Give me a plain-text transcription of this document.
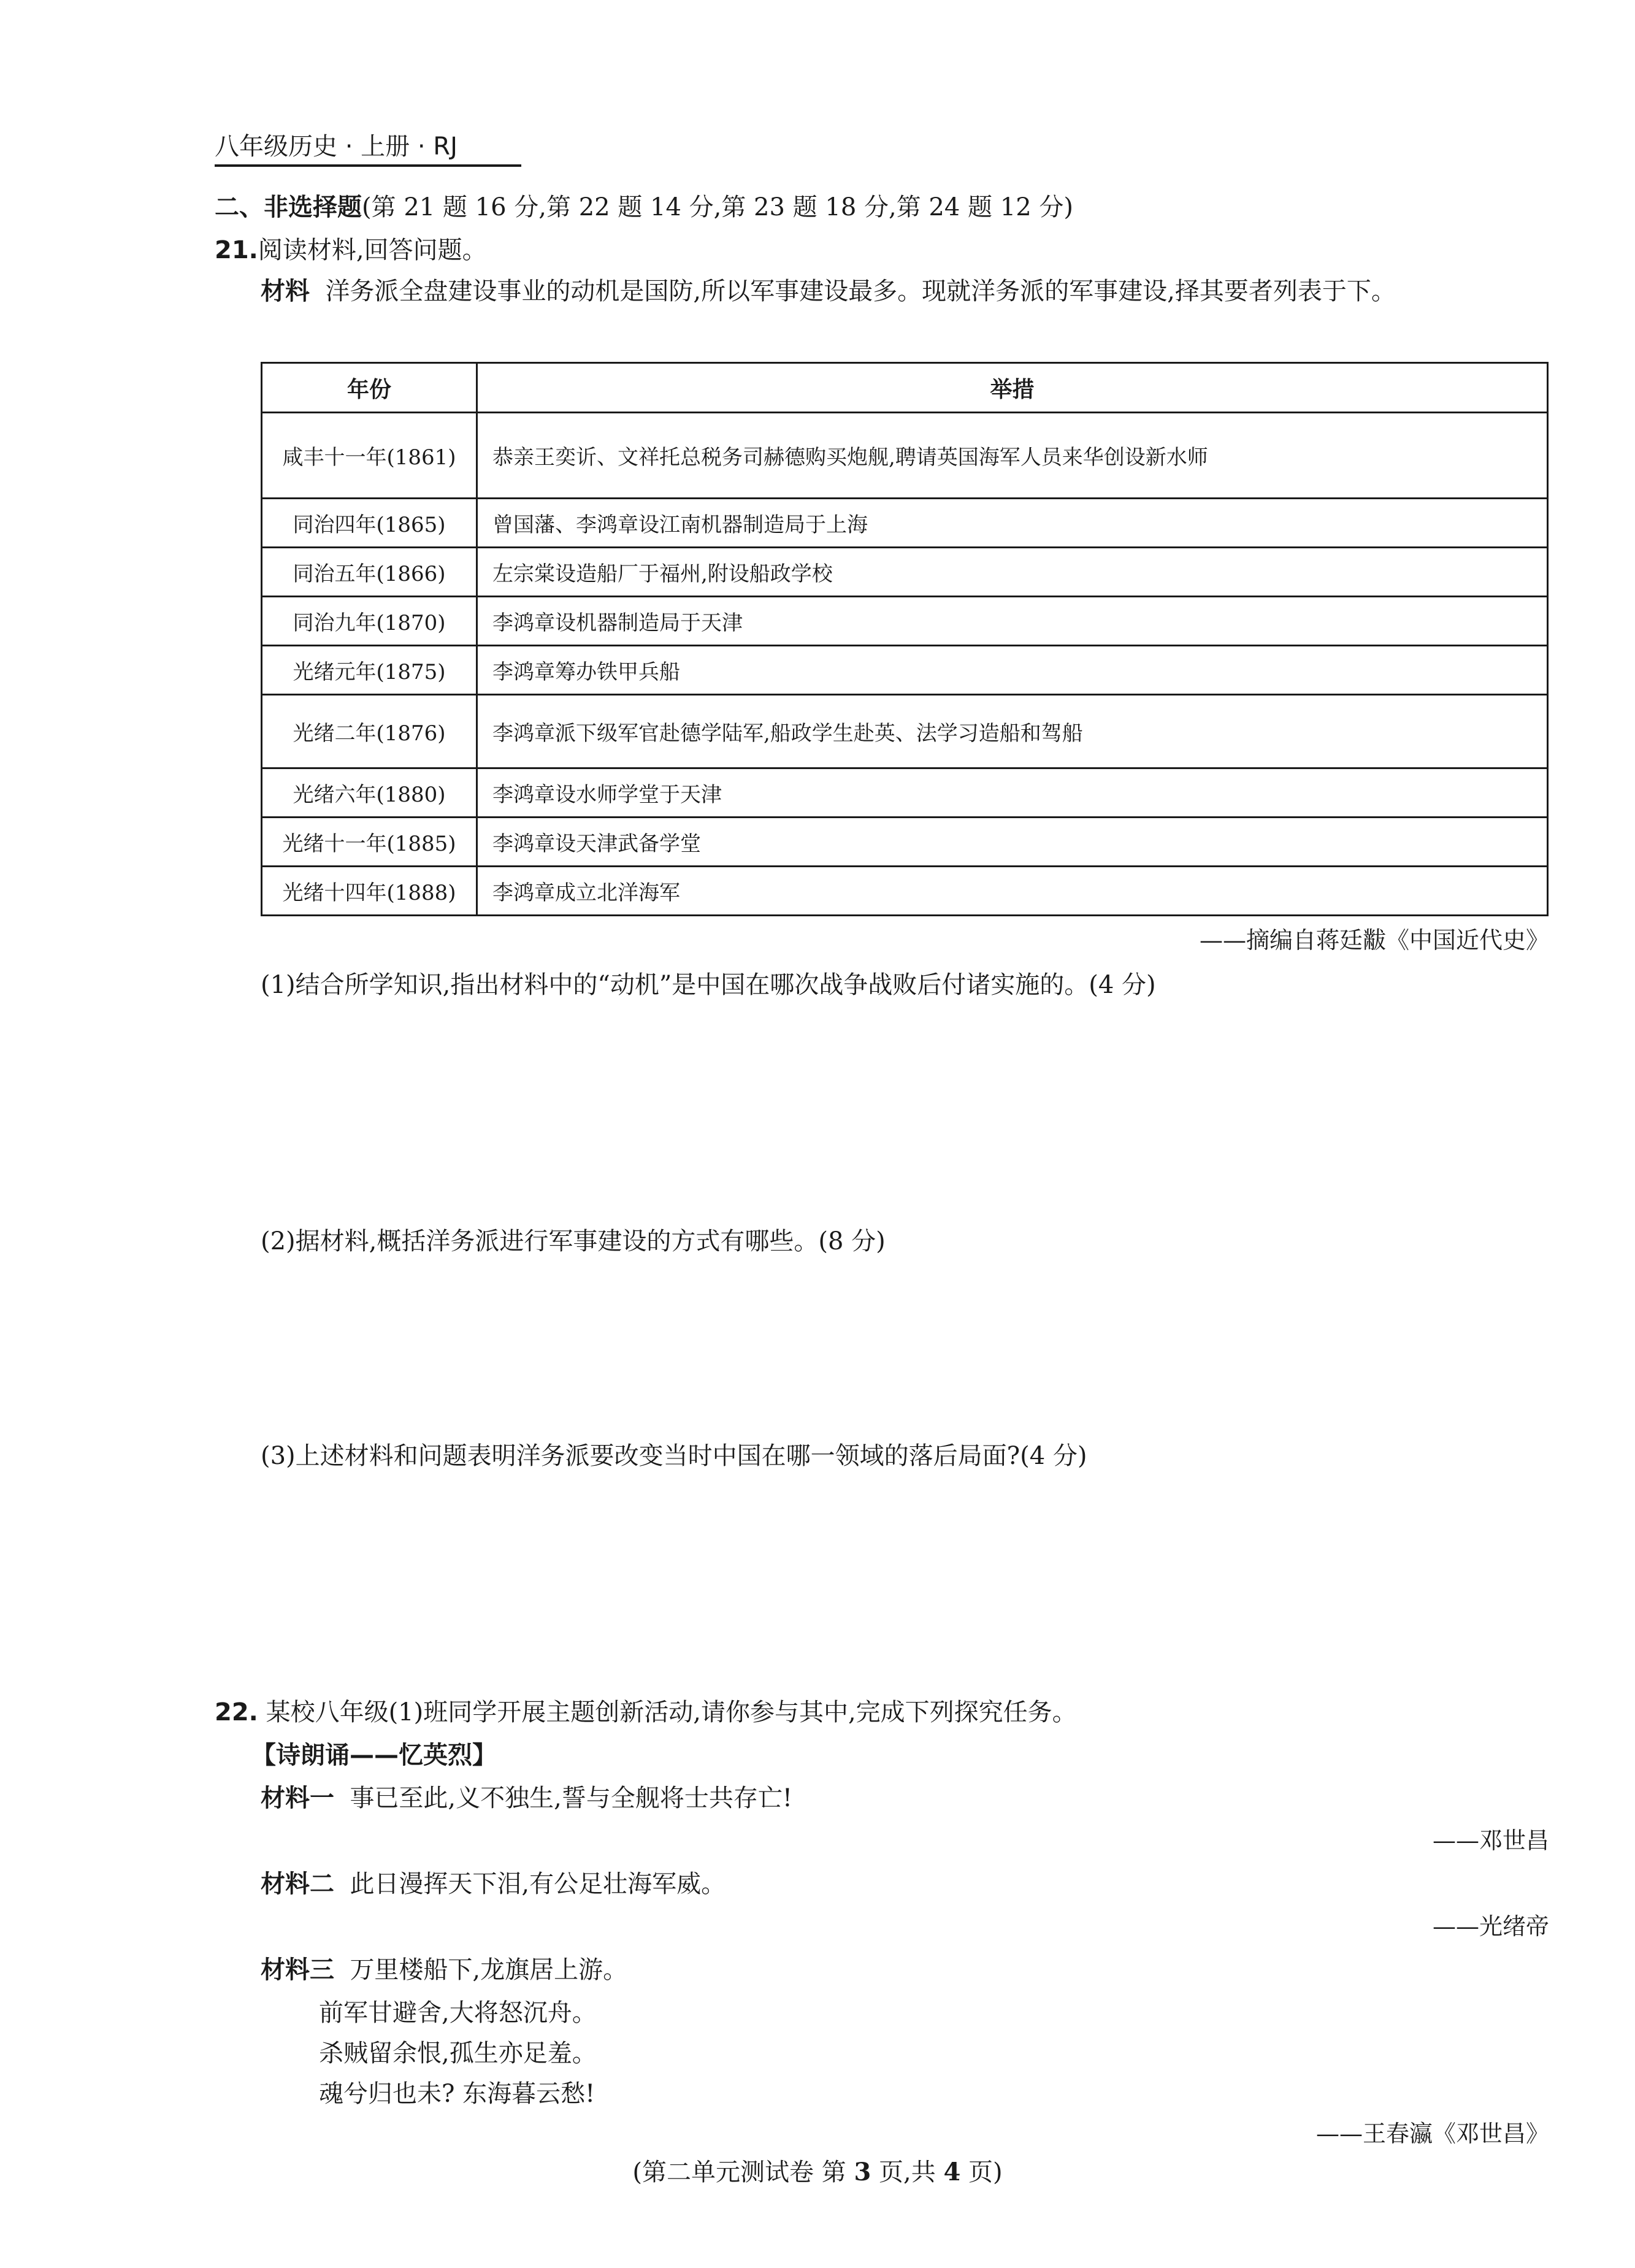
八年级历史 · 上册 · RJ
二、非选择题(第 21 题 16 分,第 22 题 14 分,第 23 题 18 分,第 24 题 12 分)
21.阅读材料,回答问题。
材料 洋务派全盘建设事业的动机是国防,所以军事建设最多。现就洋务派的军事建设,择其要者列表于下。
年份	举措
咸丰十一年(1861)	恭亲王奕䜣、文祥托总税务司赫德购买炮舰,聘请英国海军人员来华创设新水师
同治四年(1865)	曾国藩、李鸿章设江南机器制造局于上海
同治五年(1866)	左宗棠设造船厂于福州,附设船政学校
同治九年(1870)	李鸿章设机器制造局于天津
光绪元年(1875)	李鸿章筹办铁甲兵船
光绪二年(1876)	李鸿章派下级军官赴德学陆军,船政学生赴英、法学习造船和驾船
光绪六年(1880)	李鸿章设水师学堂于天津
光绪十一年(1885)	李鸿章设天津武备学堂
光绪十四年(1888)	李鸿章成立北洋海军
——摘编自蒋廷黻《中国近代史》
(1)结合所学知识,指出材料中的“动机”是中国在哪次战争战败后付诸实施的。(4 分)
(2)据材料,概括洋务派进行军事建设的方式有哪些。(8 分)
(3)上述材料和问题表明洋务派要改变当时中国在哪一领域的落后局面?(4 分)
22. 某校八年级(1)班同学开展主题创新活动,请你参与其中,完成下列探究任务。
【诗朗诵——忆英烈】
材料一 事已至此,义不独生,誓与全舰将士共存亡!
——邓世昌
材料二 此日漫挥天下泪,有公足壮海军威。
——光绪帝
材料三 万里楼船下,龙旗居上游。
前军甘避舍,大将怒沉舟。
杀贼留余恨,孤生亦足羞。
魂兮归也未? 东海暮云愁!
——王春瀛《邓世昌》
(第二单元测试卷 第 3 页,共 4 页)
